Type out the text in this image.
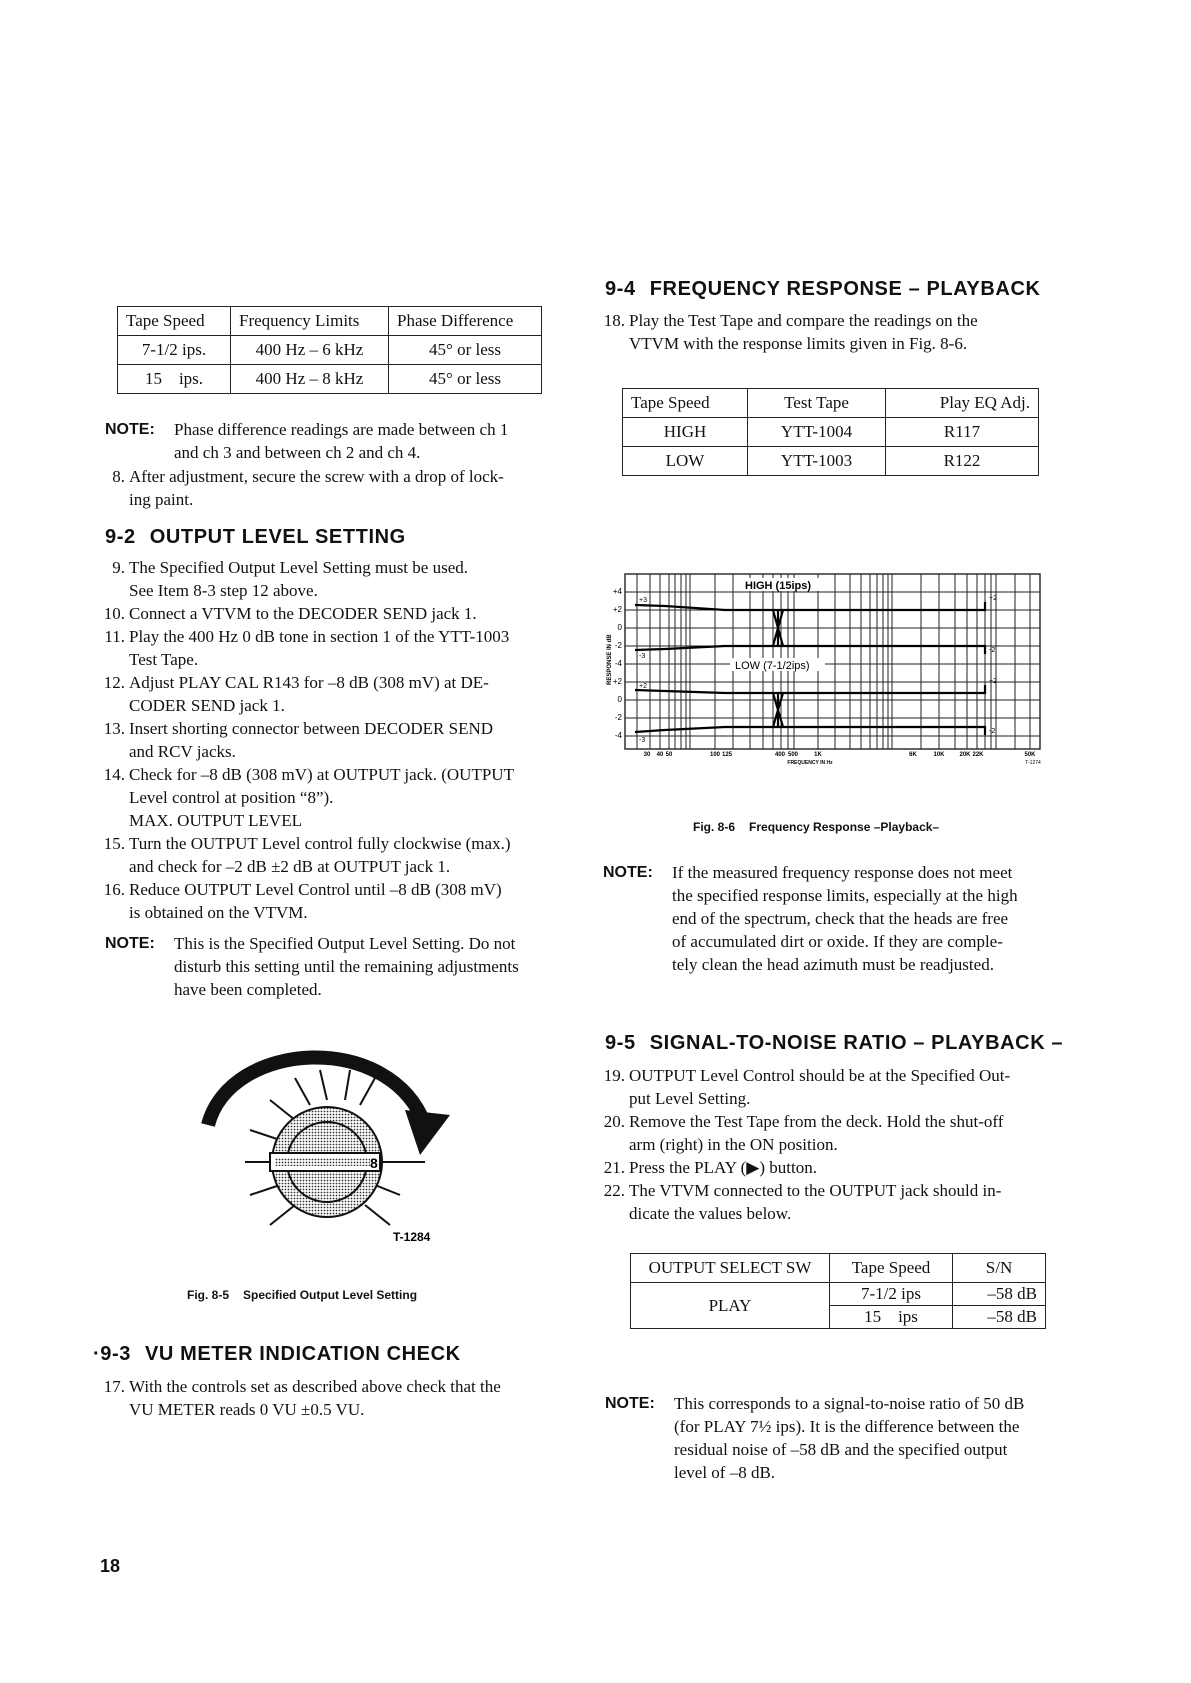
Tape Speed	Frequency Limits	Phase Difference
7-1/2 ips.	400 Hz – 6 kHz	45° or less
15    ips.	400 Hz – 8 kHz	45° or less
NOTE: Phase difference readings are made between ch 1
and ch 3 and between ch 2 and ch 4.
8. After adjustment, secure the screw with a drop of lock-
ing paint.
9-2 OUTPUT LEVEL SETTING
9. The Specified Output Level Setting must be used.
See Item 8-3 step 12 above.
10. Connect a VTVM to the DECODER SEND jack 1.
11. Play the 400 Hz 0 dB tone in section 1 of the YTT-1003
Test Tape.
12. Adjust PLAY CAL R143 for –8 dB (308 mV) at DE-
CODER SEND jack 1.
13. Insert shorting connector between DECODER SEND
and RCV jacks.
14. Check for –8 dB (308 mV) at OUTPUT jack. (OUTPUT
Level control at position “8”).
MAX. OUTPUT LEVEL
15. Turn the OUTPUT Level control fully clockwise (max.)
and check for –2 dB ±2 dB at OUTPUT jack 1.
16. Reduce OUTPUT Level Control until –8 dB (308 mV)
is obtained on the VTVM.
NOTE: This is the Specified Output Level Setting. Do not
disturb this setting until the remaining adjustments
have been completed.
8
T-1284
Fig. 8-5 Specified Output Level Setting
·9-3 VU METER INDICATION CHECK
17. With the controls set as described above check that the
VU METER reads 0 VU ±0.5 VU.
18
9-4 FREQUENCY RESPONSE – PLAYBACK
18. Play the Test Tape and compare the readings on the
VTVM with the response limits given in Fig. 8-6.
Tape Speed	Test Tape	Play EQ Adj.
HIGH	YTT-1004	R117
LOW	YTT-1003	R122
HIGH (15ips)
LOW (7-1/2ips)
+4
+2
0
-2
-4
+2
0
-2
-4
RESPONSE IN dB
+3
-3
+2
-2
+2
-3
+2
-2
30 40 50	100 125	400 500	1K	6K	10K 20K 22K	50K
FREQUENCY IN Hz	T-1274
Fig. 8-6 Frequency Response –Playback–
NOTE: If the measured frequency response does not meet
the specified response limits, especially at the high
end of the spectrum, check that the heads are free
of accumulated dirt or oxide. If they are comple-
tely clean the head azimuth must be readjusted.
9-5 SIGNAL-TO-NOISE RATIO – PLAYBACK –
19. OUTPUT Level Control should be at the Specified Out-
put Level Setting.
20. Remove the Test Tape from the deck. Hold the shut-off
arm (right) in the ON position.
21. Press the PLAY (▶) button.
22. The VTVM connected to the OUTPUT jack should in-
dicate the values below.
OUTPUT SELECT SW	Tape Speed	S/N
PLAY	7-1/2 ips	–58 dB
	15    ips	–58 dB
NOTE: This corresponds to a signal-to-noise ratio of 50 dB
(for PLAY 7½ ips). It is the difference between the
residual noise of –58 dB and the specified output
level of –8 dB.
